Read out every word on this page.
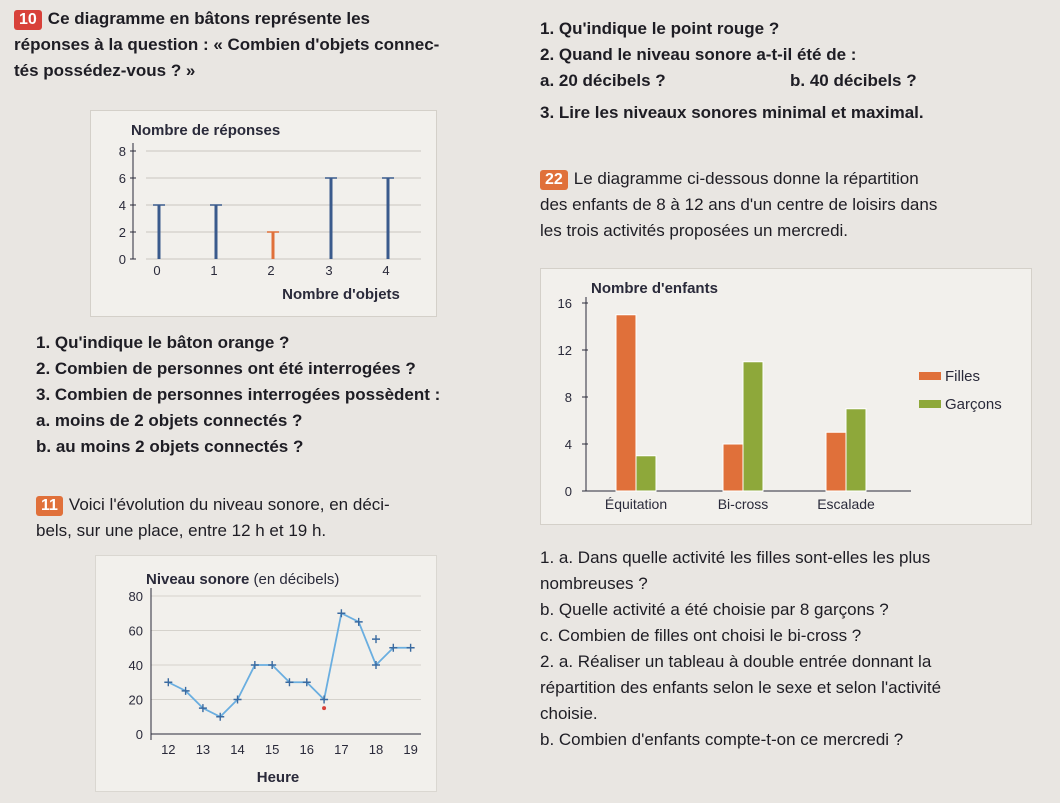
10 Ce diagramme en bâtons représente les
réponses à la question : « Combien d'objets connec-
tés possédez-vous ? »
Nombre de réponses
0
2
4
6
8
0	1	2	3	4
Nombre d'objets
1. Qu'indique le bâton orange ?
2. Combien de personnes ont été interrogées ?
3. Combien de personnes interrogées possèdent :
a. moins de 2 objets connectés ?
b. au moins 2 objets connectés ?
11 Voici l'évolution du niveau sonore, en déci-
bels, sur une place, entre 12 h et 19 h.
Niveau sonore (en décibels)
0
20
40
60
80
12 13 14 15 16 17 18 19
Heure
1. Qu'indique le point rouge ?
2. Quand le niveau sonore a-t-il été de :
a. 20 décibels ?	b. 40 décibels ?
3. Lire les niveaux sonores minimal et maximal.
22 Le diagramme ci-dessous donne la répartition
des enfants de 8 à 12 ans d'un centre de loisirs dans
les trois activités proposées un mercredi.
Nombre d'enfants
0
4
8
12
16
Équitation	Bi-cross	Escalade
Filles
Garçons
1. a. Dans quelle activité les filles sont-elles les plus
nombreuses ?
b. Quelle activité a été choisie par 8 garçons ?
c. Combien de filles ont choisi le bi-cross ?
2. a. Réaliser un tableau à double entrée donnant la
répartition des enfants selon le sexe et selon l'activité
choisie.
b. Combien d'enfants compte-t-on ce mercredi ?
